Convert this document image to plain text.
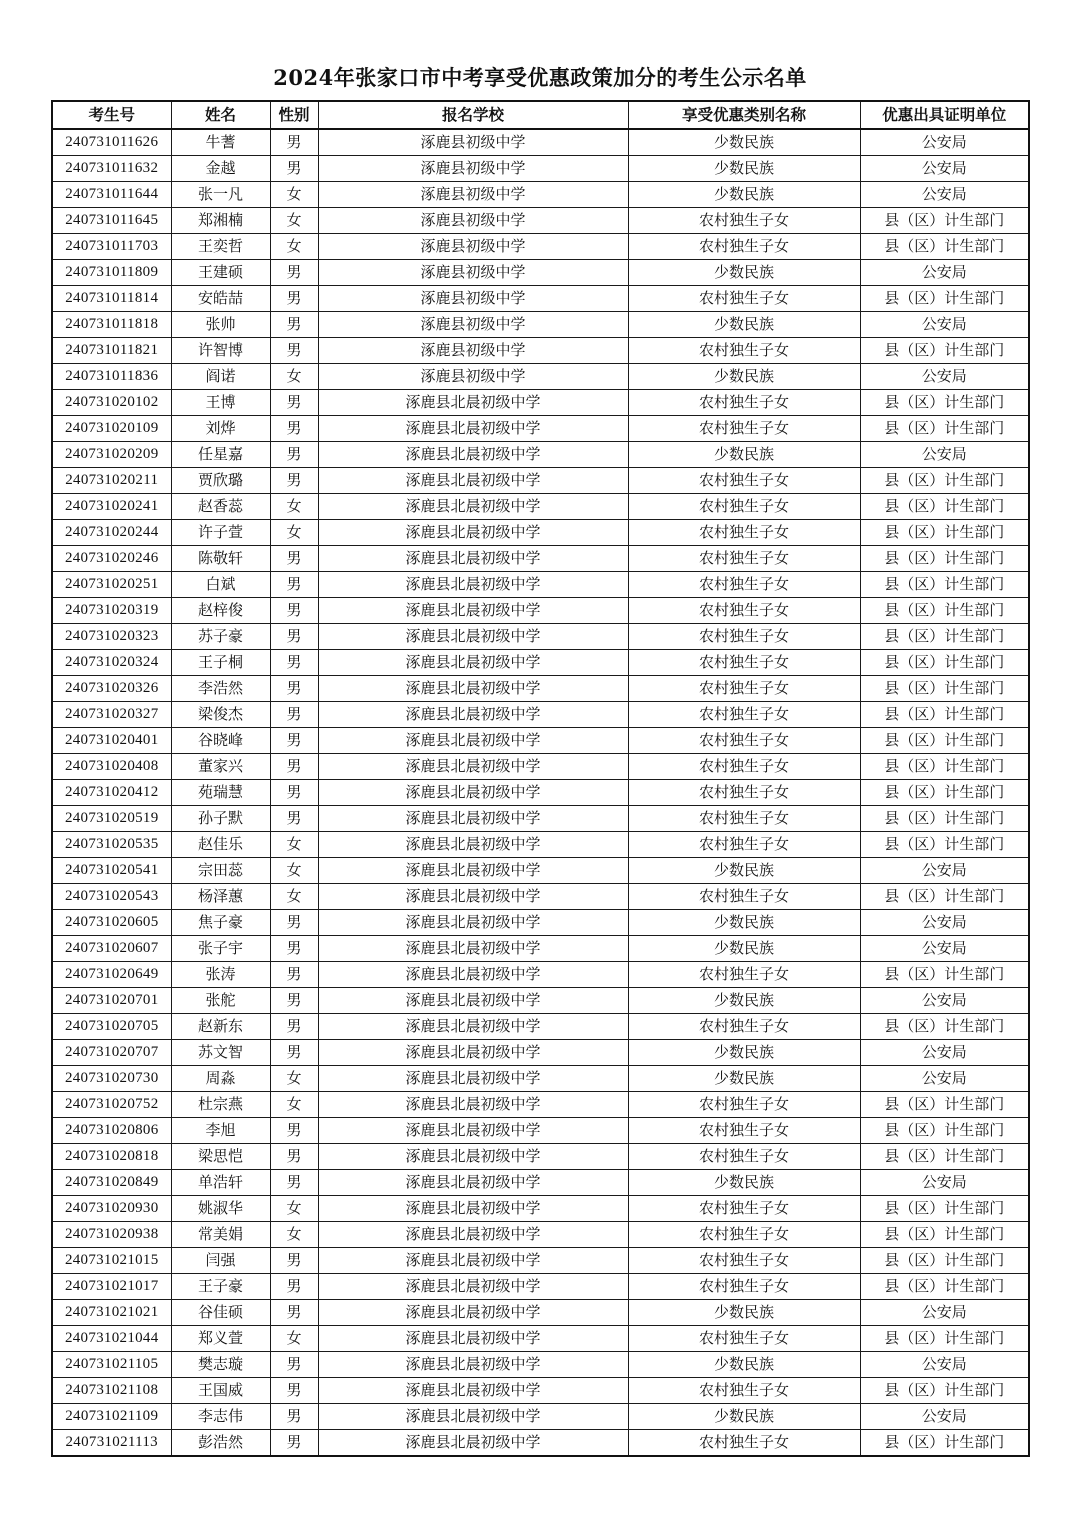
2024年张家口市中考享受优惠政策加分的考生公示名单
考生号	姓名	性别	报名学校	享受优惠类别名称	优惠出具证明单位
240731011626	牛蓍	男	涿鹿县初级中学	少数民族	公安局
240731011632	金越	男	涿鹿县初级中学	少数民族	公安局
240731011644	张一凡	女	涿鹿县初级中学	少数民族	公安局
240731011645	郑湘楠	女	涿鹿县初级中学	农村独生子女	县（区）计生部门
240731011703	王奕哲	女	涿鹿县初级中学	农村独生子女	县（区）计生部门
240731011809	王建硕	男	涿鹿县初级中学	少数民族	公安局
240731011814	安皓喆	男	涿鹿县初级中学	农村独生子女	县（区）计生部门
240731011818	张帅	男	涿鹿县初级中学	少数民族	公安局
240731011821	许智博	男	涿鹿县初级中学	农村独生子女	县（区）计生部门
240731011836	阎诺	女	涿鹿县初级中学	少数民族	公安局
240731020102	王博	男	涿鹿县北晨初级中学	农村独生子女	县（区）计生部门
240731020109	刘烨	男	涿鹿县北晨初级中学	农村独生子女	县（区）计生部门
240731020209	任星嘉	男	涿鹿县北晨初级中学	少数民族	公安局
240731020211	贾欣璐	男	涿鹿县北晨初级中学	农村独生子女	县（区）计生部门
240731020241	赵香蕊	女	涿鹿县北晨初级中学	农村独生子女	县（区）计生部门
240731020244	许子萱	女	涿鹿县北晨初级中学	农村独生子女	县（区）计生部门
240731020246	陈敬轩	男	涿鹿县北晨初级中学	农村独生子女	县（区）计生部门
240731020251	白斌	男	涿鹿县北晨初级中学	农村独生子女	县（区）计生部门
240731020319	赵梓俊	男	涿鹿县北晨初级中学	农村独生子女	县（区）计生部门
240731020323	苏子豪	男	涿鹿县北晨初级中学	农村独生子女	县（区）计生部门
240731020324	王子桐	男	涿鹿县北晨初级中学	农村独生子女	县（区）计生部门
240731020326	李浩然	男	涿鹿县北晨初级中学	农村独生子女	县（区）计生部门
240731020327	梁俊杰	男	涿鹿县北晨初级中学	农村独生子女	县（区）计生部门
240731020401	谷晓峰	男	涿鹿县北晨初级中学	农村独生子女	县（区）计生部门
240731020408	董家兴	男	涿鹿县北晨初级中学	农村独生子女	县（区）计生部门
240731020412	苑瑞慧	男	涿鹿县北晨初级中学	农村独生子女	县（区）计生部门
240731020519	孙子默	男	涿鹿县北晨初级中学	农村独生子女	县（区）计生部门
240731020535	赵佳乐	女	涿鹿县北晨初级中学	农村独生子女	县（区）计生部门
240731020541	宗田蕊	女	涿鹿县北晨初级中学	少数民族	公安局
240731020543	杨泽蕙	女	涿鹿县北晨初级中学	农村独生子女	县（区）计生部门
240731020605	焦子豪	男	涿鹿县北晨初级中学	少数民族	公安局
240731020607	张子宇	男	涿鹿县北晨初级中学	少数民族	公安局
240731020649	张涛	男	涿鹿县北晨初级中学	农村独生子女	县（区）计生部门
240731020701	张舵	男	涿鹿县北晨初级中学	少数民族	公安局
240731020705	赵新东	男	涿鹿县北晨初级中学	农村独生子女	县（区）计生部门
240731020707	苏文智	男	涿鹿县北晨初级中学	少数民族	公安局
240731020730	周淼	女	涿鹿县北晨初级中学	少数民族	公安局
240731020752	杜宗燕	女	涿鹿县北晨初级中学	农村独生子女	县（区）计生部门
240731020806	李旭	男	涿鹿县北晨初级中学	农村独生子女	县（区）计生部门
240731020818	梁思恺	男	涿鹿县北晨初级中学	农村独生子女	县（区）计生部门
240731020849	单浩轩	男	涿鹿县北晨初级中学	少数民族	公安局
240731020930	姚淑华	女	涿鹿县北晨初级中学	农村独生子女	县（区）计生部门
240731020938	常美娟	女	涿鹿县北晨初级中学	农村独生子女	县（区）计生部门
240731021015	闫强	男	涿鹿县北晨初级中学	农村独生子女	县（区）计生部门
240731021017	王子豪	男	涿鹿县北晨初级中学	农村独生子女	县（区）计生部门
240731021021	谷佳硕	男	涿鹿县北晨初级中学	少数民族	公安局
240731021044	郑义萱	女	涿鹿县北晨初级中学	农村独生子女	县（区）计生部门
240731021105	樊志璇	男	涿鹿县北晨初级中学	少数民族	公安局
240731021108	王国威	男	涿鹿县北晨初级中学	农村独生子女	县（区）计生部门
240731021109	李志伟	男	涿鹿县北晨初级中学	少数民族	公安局
240731021113	彭浩然	男	涿鹿县北晨初级中学	农村独生子女	县（区）计生部门
